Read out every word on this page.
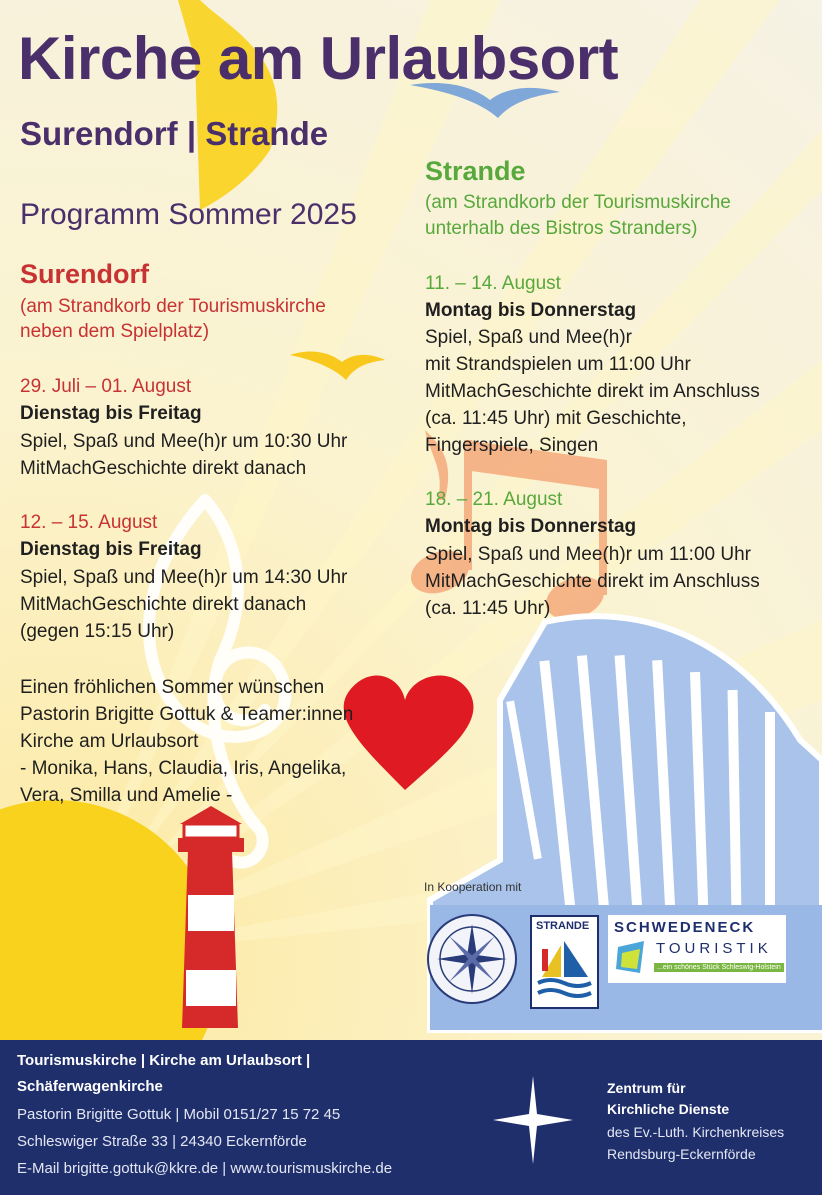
Kirche am Urlaubsort
Surendorf | Strande

Programm Sommer 2025

Surendorf

(am Strandkorb der Tourismuskirche

neben dem Spielplatz)

29. Juli – 01. August

Dienstag bis Freitag

Spiel, Spaß und Mee(h)r um 10:30 Uhr

MitMachGeschichte direkt danach

12. – 15. August

Dienstag bis Freitag

Spiel, Spaß und Mee(h)r um 14:30 Uhr

MitMachGeschichte direkt danach

(gegen 15:15 Uhr)

Einen fröhlichen Sommer wünschen

Pastorin Brigitte Gottuk & Teamer:innen

Kirche am Urlaubsort

- Monika, Hans, Claudia, Iris, Angelika,

Vera, Smilla und Amelie -

Strande

(am Strandkorb der Tourismuskirche

unterhalb des Bistros Stranders)

11. – 14. August

Montag bis Donnerstag

Spiel, Spaß und Mee(h)r

mit Strandspielen um 11:00 Uhr

MitMachGeschichte direkt im Anschluss

(ca. 11:45 Uhr) mit Geschichte,

Fingerspiele, Singen

18. – 21. August

Montag bis Donnerstag

Spiel, Spaß und Mee(h)r um 11:00 Uhr

MitMachGeschichte direkt im Anschluss

(ca. 11:45 Uhr)

In Kooperation mit

STRANDE SCHWEDENECK

TOURISTIK

...ein schönes Stück Schleswig-Holstein

Tourismuskirche | Kirche am Urlaubsort |

Schäferwagenkirche

Pastorin Brigitte Gottuk | Mobil 0151/27 15 72 45

Schleswiger Straße 33 | 24340 Eckernförde

E-Mail brigitte.gottuk@kkre.de | www.tourismuskirche.de

Zentrum für

Kirchliche Dienste

des Ev.-Luth. Kirchenkreises

Rendsburg-Eckernförde
